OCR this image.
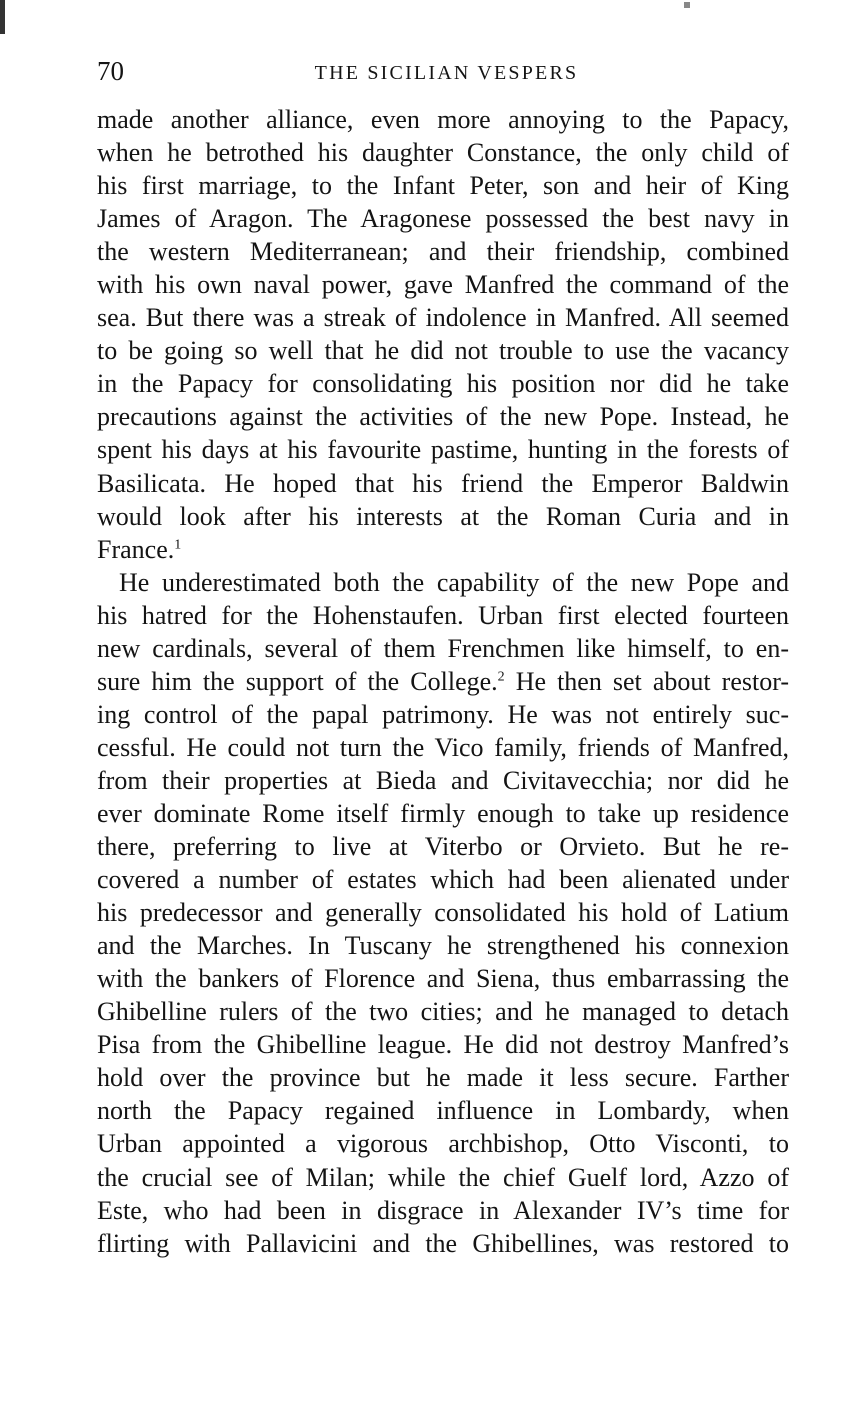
70	THE SICILIAN VESPERS
made another alliance, even more annoying to the Papacy,
when he betrothed his daughter Constance, the only child of
his first marriage, to the Infant Peter, son and heir of King
James of Aragon. The Aragonese possessed the best navy in
the western Mediterranean; and their friendship, combined
with his own naval power, gave Manfred the command of the
sea. But there was a streak of indolence in Manfred. All seemed
to be going so well that he did not trouble to use the vacancy
in the Papacy for consolidating his position nor did he take
precautions against the activities of the new Pope. Instead, he
spent his days at his favourite pastime, hunting in the forests of
Basilicata. He hoped that his friend the Emperor Baldwin
would look after his interests at the Roman Curia and in
France.$^1$
He underestimated both the capability of the new Pope and
his hatred for the Hohenstaufen. Urban first elected fourteen
new cardinals, several of them Frenchmen like himself, to en-
sure him the support of the College.$^2$ He then set about restor-
ing control of the papal patrimony. He was not entirely suc-
cessful. He could not turn the Vico family, friends of Manfred,
from their properties at Bieda and Civitavecchia; nor did he
ever dominate Rome itself firmly enough to take up residence
there, preferring to live at Viterbo or Orvieto. But he re-
covered a number of estates which had been alienated under
his predecessor and generally consolidated his hold of Latium
and the Marches. In Tuscany he strengthened his connexion
with the bankers of Florence and Siena, thus embarrassing the
Ghibelline rulers of the two cities; and he managed to detach
Pisa from the Ghibelline league. He did not destroy Manfred’s
hold over the province but he made it less secure. Farther
north the Papacy regained influence in Lombardy, when
Urban appointed a vigorous archbishop, Otto Visconti, to
the crucial see of Milan; while the chief Guelf lord, Azzo of
Este, who had been in disgrace in Alexander IV’s time for
flirting with Pallavicini and the Ghibellines, was restored to
